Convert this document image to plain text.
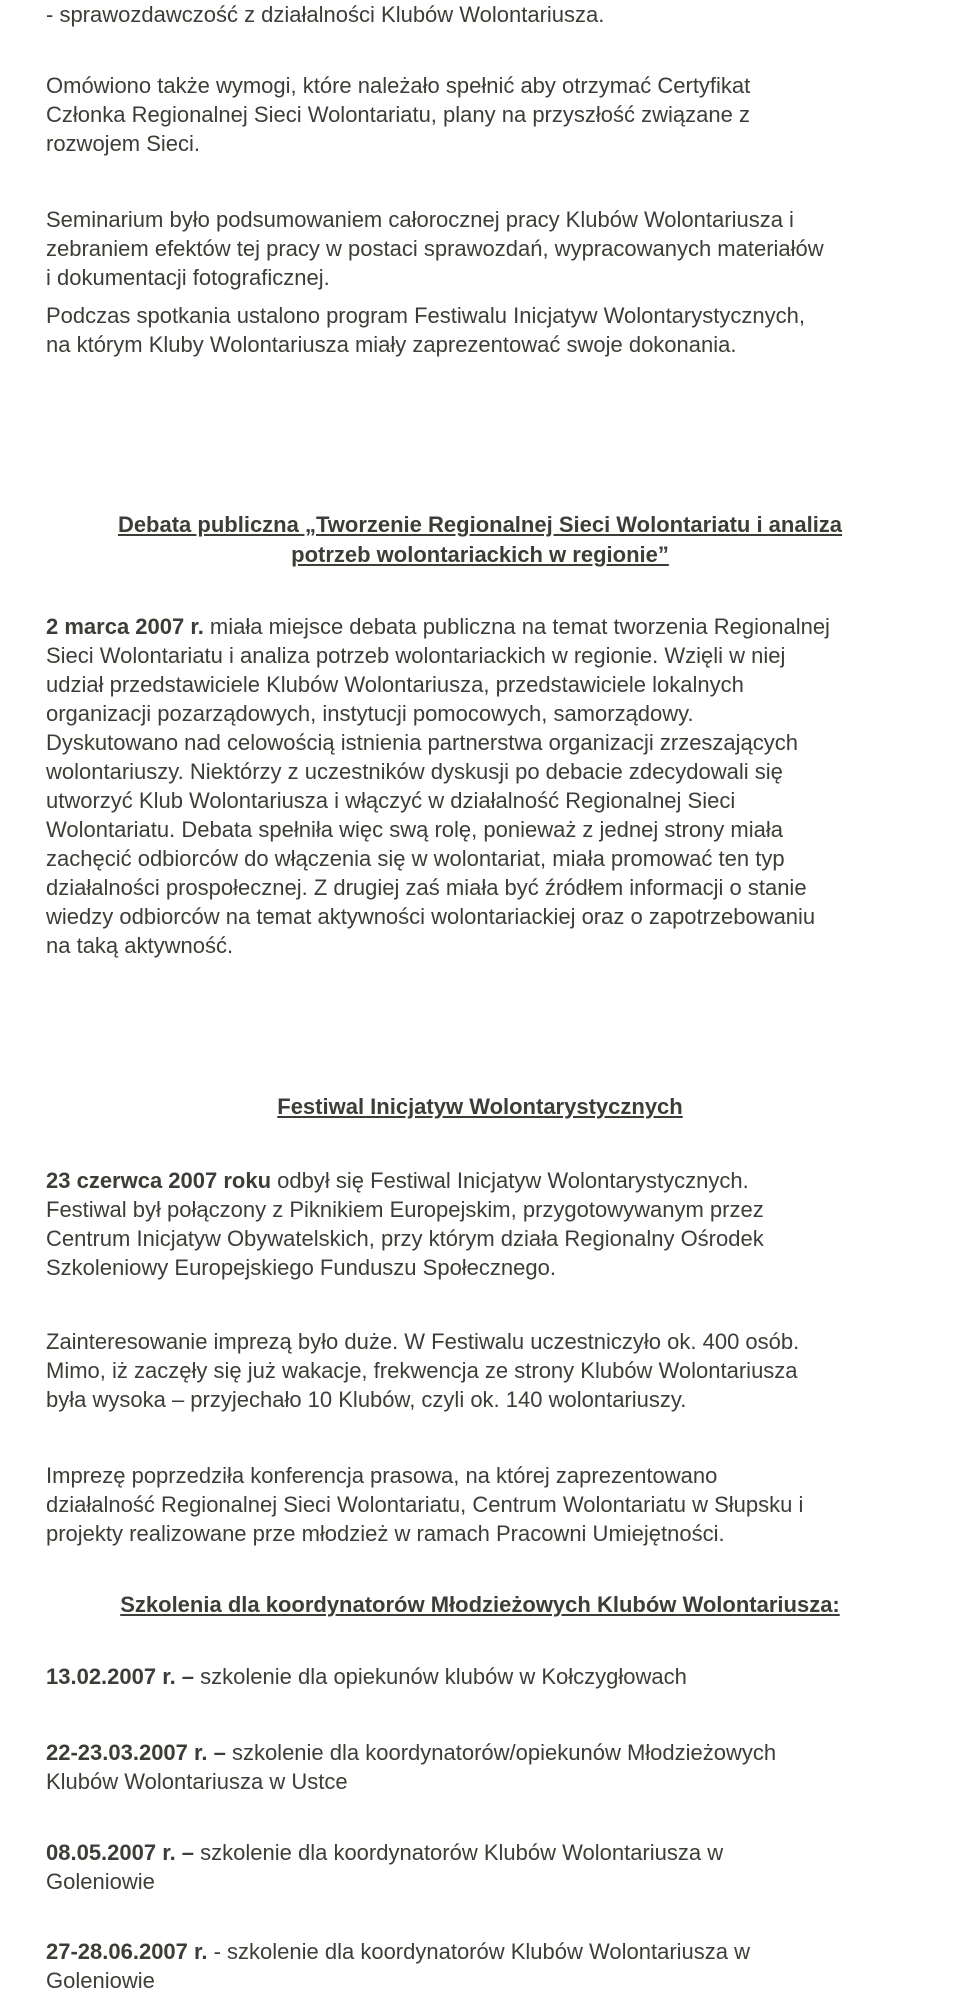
- sprawozdawczość z działalności Klubów Wolontariusza.

Omówiono także wymogi, które należało spełnić aby otrzymać Certyfikat
Członka Regionalnej Sieci Wolontariatu, plany na przyszłość związane z
rozwojem Sieci.

Seminarium było podsumowaniem całorocznej pracy Klubów Wolontariusza i
zebraniem efektów tej pracy w postaci sprawozdań, wypracowanych materiałów
i dokumentacji fotograficznej.

Podczas spotkania ustalono program Festiwalu Inicjatyw Wolontarystycznych,
na którym Kluby Wolontariusza miały zaprezentować swoje dokonania.

Debata publiczna „Tworzenie Regionalnej Sieci Wolontariatu i analiza
potrzeb wolontariackich w regionie”

2 marca 2007 r. miała miejsce debata publiczna na temat tworzenia Regionalnej
Sieci Wolontariatu i analiza potrzeb wolontariackich w regionie. Wzięli w niej
udział przedstawiciele Klubów Wolontariusza, przedstawiciele lokalnych
organizacji pozarządowych, instytucji pomocowych, samorządowy.
Dyskutowano nad celowością istnienia partnerstwa organizacji zrzeszających
wolontariuszy. Niektórzy z uczestników dyskusji po debacie zdecydowali się
utworzyć Klub Wolontariusza i włączyć w działalność Regionalnej Sieci
Wolontariatu. Debata spełniła więc swą rolę, ponieważ z jednej strony miała
zachęcić odbiorców do włączenia się w wolontariat, miała promować ten typ
działalności prospołecznej. Z drugiej zaś miała być źródłem informacji o stanie
wiedzy odbiorców na temat aktywności wolontariackiej oraz o zapotrzebowaniu
na taką aktywność.

Festiwal Inicjatyw Wolontarystycznych

23 czerwca 2007 roku odbył się Festiwal Inicjatyw Wolontarystycznych.
Festiwal był połączony z Piknikiem Europejskim, przygotowywanym przez
Centrum Inicjatyw Obywatelskich, przy którym działa Regionalny Ośrodek
Szkoleniowy Europejskiego Funduszu Społecznego.

Zainteresowanie imprezą było duże. W Festiwalu uczestniczyło ok. 400 osób.
Mimo, iż zaczęły się już wakacje, frekwencja ze strony Klubów Wolontariusza
była wysoka – przyjechało 10 Klubów, czyli ok. 140 wolontariuszy.

Imprezę poprzedziła konferencja prasowa, na której zaprezentowano
działalność Regionalnej Sieci Wolontariatu, Centrum Wolontariatu w Słupsku i
projekty realizowane prze młodzież w ramach Pracowni Umiejętności.

Szkolenia dla koordynatorów Młodzieżowych Klubów Wolontariusza:

13.02.2007 r. – szkolenie dla opiekunów klubów w Kołczygłowach

22-23.03.2007 r. – szkolenie dla koordynatorów/opiekunów Młodzieżowych
Klubów Wolontariusza w Ustce

08.05.2007 r. – szkolenie dla koordynatorów Klubów Wolontariusza w
Goleniowie

27-28.06.2007 r. - szkolenie dla koordynatorów Klubów Wolontariusza w
Goleniowie
